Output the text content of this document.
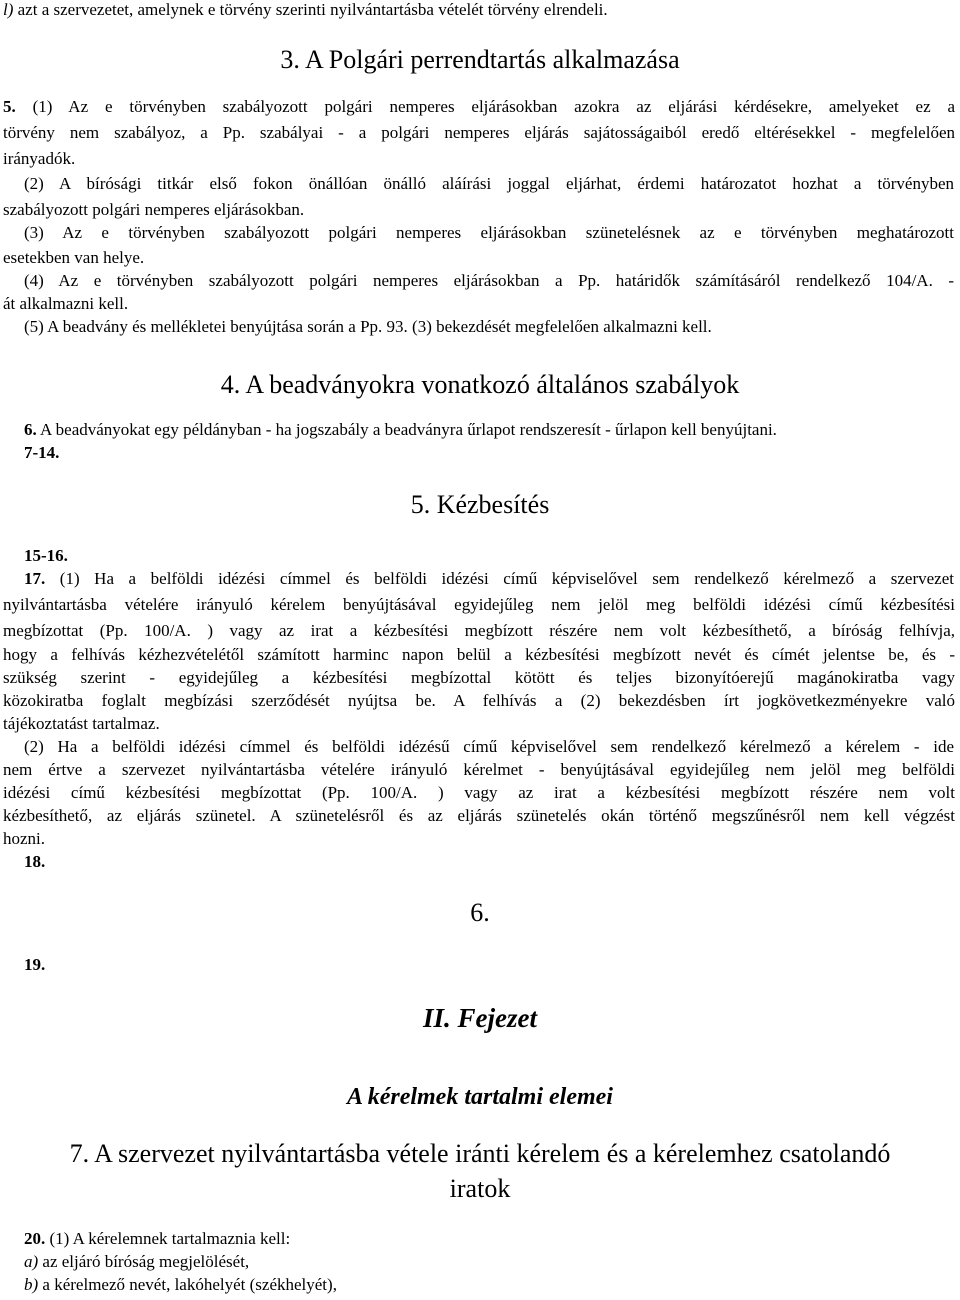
l) azt a szervezetet, amelynek e törvény szerinti nyilvántartásba vételét törvény elrendeli.
3. A Polgári perrendtartás alkalmazása
5. (1) Az e törvényben szabályozott polgári nemperes eljárásokban azokra az eljárási kérdésekre, amelyeket ez a
törvény nem szabályoz, a Pp. szabályai - a polgári nemperes eljárás sajátosságaiból eredő eltérésekkel - megfelelően
irányadók.
(2) A bírósági titkár első fokon önállóan önálló aláírási joggal eljárhat, érdemi határozatot hozhat a törvényben
szabályozott polgári nemperes eljárásokban.
(3) Az e törvényben szabályozott polgári nemperes eljárásokban szünetelésnek az e törvényben meghatározott
esetekben van helye.
(4) Az e törvényben szabályozott polgári nemperes eljárásokban a Pp. határidők számításáról rendelkező 104/A. -
át alkalmazni kell.
(5) A beadvány és mellékletei benyújtása során a Pp. 93. (3) bekezdését megfelelően alkalmazni kell.
4. A beadványokra vonatkozó általános szabályok
6. A beadványokat egy példányban - ha jogszabály a beadványra űrlapot rendszeresít - űrlapon kell benyújtani.
7-14.
5. Kézbesítés
15-16.
17. (1) Ha a belföldi idézési címmel és belföldi idézési című képviselővel sem rendelkező kérelmező a szervezet
nyilvántartásba vételére irányuló kérelem benyújtásával egyidejűleg nem jelöl meg belföldi idézési című kézbesítési
megbízottat (Pp. 100/A. ) vagy az irat a kézbesítési megbízott részére nem volt kézbesíthető, a bíróság felhívja,
hogy a felhívás kézhezvételétől számított harminc napon belül a kézbesítési megbízott nevét és címét jelentse be, és -
szükség szerint - egyidejűleg a kézbesítési megbízottal kötött és teljes bizonyítóerejű magánokiratba vagy
közokiratba foglalt megbízási szerződését nyújtsa be. A felhívás a (2) bekezdésben írt jogkövetkezményekre való
tájékoztatást tartalmaz.
(2) Ha a belföldi idézési címmel és belföldi idézésű című képviselővel sem rendelkező kérelmező a kérelem - ide
nem értve a szervezet nyilvántartásba vételére irányuló kérelmet - benyújtásával egyidejűleg nem jelöl meg belföldi
idézési című kézbesítési megbízottat (Pp. 100/A. ) vagy az irat a kézbesítési megbízott részére nem volt
kézbesíthető, az eljárás szünetel. A szünetelésről és az eljárás szünetelés okán történő megszűnésről nem kell végzést
hozni.
18.
6.
19.
II. Fejezet
A kérelmek tartalmi elemei
7. A szervezet nyilvántartásba vétele iránti kérelem és a kérelemhez csatolandó
iratok
20. (1) A kérelemnek tartalmaznia kell:
a) az eljáró bíróság megjelölését,
b) a kérelmező nevét, lakóhelyét (székhelyét),
